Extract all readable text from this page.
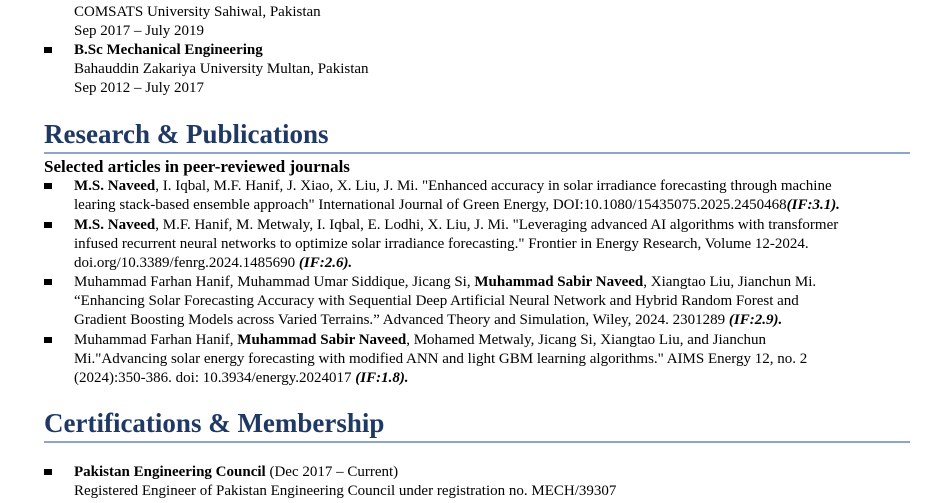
COMSATS University Sahiwal, Pakistan
Sep 2017 – July 2019
B.Sc Mechanical Engineering
Bahauddin Zakariya University Multan, Pakistan
Sep 2012 – July 2017
Research & Publications
Selected articles in peer-reviewed journals
M.S. Naveed, I. Iqbal, M.F. Hanif, J. Xiao, X. Liu, J. Mi. "Enhanced accuracy in solar irradiance forecasting through machine
learing stack-based ensemble approach" International Journal of Green Energy, DOI:10.1080/15435075.2025.2450468(IF:3.1).
M.S. Naveed, M.F. Hanif, M. Metwaly, I. Iqbal, E. Lodhi, X. Liu, J. Mi. "Leveraging advanced AI algorithms with transformer
infused recurrent neural networks to optimize solar irradiance forecasting." Frontier in Energy Research, Volume 12-2024.
doi.org/10.3389/fenrg.2024.1485690 (IF:2.6).
Muhammad Farhan Hanif, Muhammad Umar Siddique, Jicang Si, Muhammad Sabir Naveed, Xiangtao Liu, Jianchun Mi.
“Enhancing Solar Forecasting Accuracy with Sequential Deep Artificial Neural Network and Hybrid Random Forest and
Gradient Boosting Models across Varied Terrains.” Advanced Theory and Simulation, Wiley, 2024. 2301289 (IF:2.9).
Muhammad Farhan Hanif, Muhammad Sabir Naveed, Mohamed Metwaly, Jicang Si, Xiangtao Liu, and Jianchun
Mi."Advancing solar energy forecasting with modified ANN and light GBM learning algorithms." AIMS Energy 12, no. 2
(2024):350-386. doi: 10.3934/energy.2024017 (IF:1.8).
Certifications & Membership
Pakistan Engineering Council (Dec 2017 – Current)
Registered Engineer of Pakistan Engineering Council under registration no. MECH/39307
